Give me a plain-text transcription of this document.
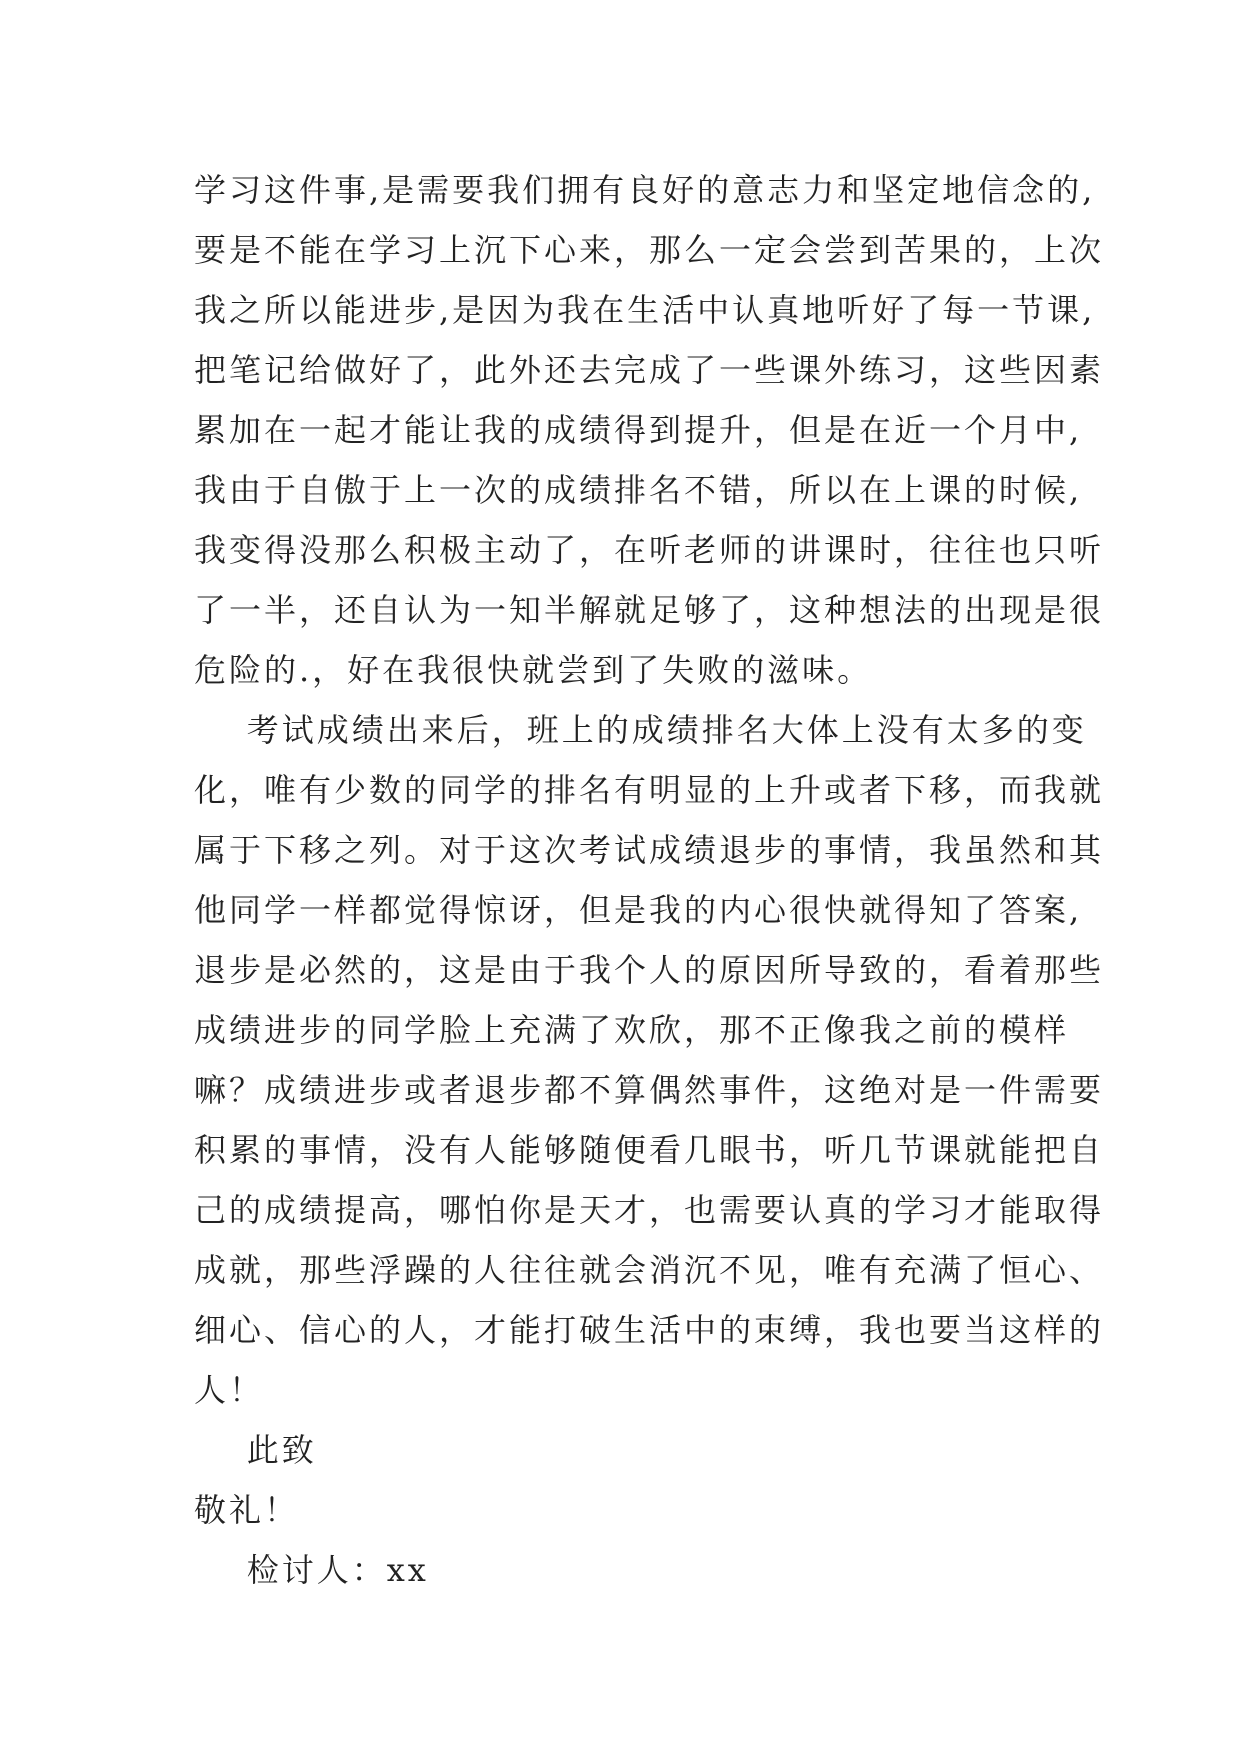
学习这件事,是需要我们拥有良好的意志力和坚定地信念的,
要是不能在学习上沉下心来，那么一定会尝到苦果的，上次
我之所以能进步,是因为我在生活中认真地听好了每一节课,
把笔记给做好了，此外还去完成了一些课外练习，这些因素
累加在一起才能让我的成绩得到提升，但是在近一个月中,
我由于自傲于上一次的成绩排名不错，所以在上课的时候,
我变得没那么积极主动了，在听老师的讲课时，往往也只听
了一半，还自认为一知半解就足够了，这种想法的出现是很
危险的.，好在我很快就尝到了失败的滋味。
考试成绩出来后，班上的成绩排名大体上没有太多的变
化，唯有少数的同学的排名有明显的上升或者下移，而我就
属于下移之列。对于这次考试成绩退步的事情，我虽然和其
他同学一样都觉得惊讶，但是我的内心很快就得知了答案,
退步是必然的，这是由于我个人的原因所导致的，看着那些
成绩进步的同学脸上充满了欢欣，那不正像我之前的模样
嘛？成绩进步或者退步都不算偶然事件，这绝对是一件需要
积累的事情，没有人能够随便看几眼书，听几节课就能把自
己的成绩提高，哪怕你是天才，也需要认真的学习才能取得
成就，那些浮躁的人往往就会消沉不见，唯有充满了恒心、
细心、信心的人，才能打破生活中的束缚，我也要当这样的
人！
此致
敬礼！
检讨人：xx
